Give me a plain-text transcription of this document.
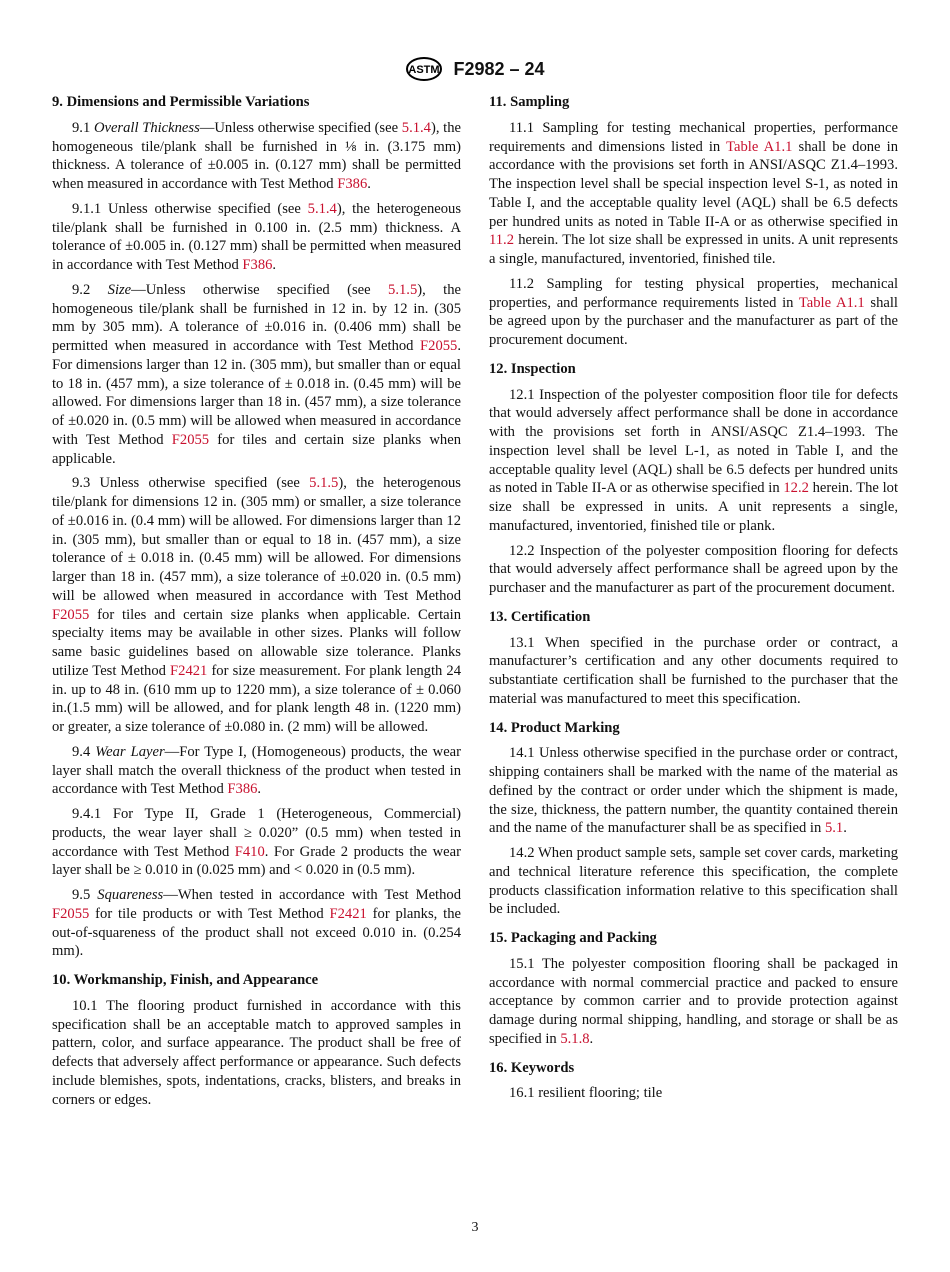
ASTM F2982 – 24
9. Dimensions and Permissible Variations

9.1 Overall Thickness—Unless otherwise specified (see 5.1.4), the homogeneous tile/plank shall be furnished in ⅛ in. (3.175 mm) thickness. A tolerance of ±0.005 in. (0.127 mm) shall be permitted when measured in accordance with Test Method F386.

9.1.1 Unless otherwise specified (see 5.1.4), the heterogeneous tile/plank shall be furnished in 0.100 in. (2.5 mm) thickness. A tolerance of ±0.005 in. (0.127 mm) shall be permitted when measured in accordance with Test Method F386.

9.2 Size—Unless otherwise specified (see 5.1.5), the homogeneous tile/plank shall be furnished in 12 in. by 12 in. (305 mm by 305 mm). A tolerance of ±0.016 in. (0.406 mm) shall be permitted when measured in accordance with Test Method F2055. For dimensions larger than 12 in. (305 mm), but smaller than or equal to 18 in. (457 mm), a size tolerance of ± 0.018 in. (0.45 mm) will be allowed. For dimensions larger than 18 in. (457 mm), a size tolerance of ±0.020 in. (0.5 mm) will be allowed when measured in accordance with Test Method F2055 for tiles and certain size planks when applicable.

9.3 Unless otherwise specified (see 5.1.5), the heterogenous tile/plank for dimensions 12 in. (305 mm) or smaller, a size tolerance of ±0.016 in. (0.4 mm) will be allowed. For dimensions larger than 12 in. (305 mm), but smaller than or equal to 18 in. (457 mm), a size tolerance of ± 0.018 in. (0.45 mm) will be allowed. For dimensions larger than 18 in. (457 mm), a size tolerance of ±0.020 in. (0.5 mm) will be allowed when measured in accordance with Test Method F2055 for tiles and certain size planks when applicable. Certain specialty items may be available in other sizes. Planks will follow same basic guidelines based on allowable size tolerance. Planks utilize Test Method F2421 for size measurement. For plank length 24 in. up to 48 in. (610 mm up to 1220 mm), a size tolerance of ± 0.060 in.(1.5 mm) will be allowed, and for plank length 48 in. (1220 mm) or greater, a size tolerance of ±0.080 in. (2 mm) will be allowed.

9.4 Wear Layer—For Type I, (Homogeneous) products, the wear layer shall match the overall thickness of the product when tested in accordance with Test Method F386.

9.4.1 For Type II, Grade 1 (Heterogeneous, Commercial) products, the wear layer shall ≥ 0.020” (0.5 mm) when tested in accordance with Test Method F410. For Grade 2 products the wear layer shall be ≥ 0.010 in (0.025 mm) and < 0.020 in (0.5 mm).

9.5 Squareness—When tested in accordance with Test Method F2055 for tile products or with Test Method F2421 for planks, the out-of-squareness of the product shall not exceed 0.010 in. (0.254 mm).

10. Workmanship, Finish, and Appearance

10.1 The flooring product furnished in accordance with this specification shall be an acceptable match to approved samples in pattern, color, and surface appearance. The product shall be free of defects that adversely affect performance or appearance. Such defects include blemishes, spots, indentations, cracks, blisters, and breaks in corners or edges.

11. Sampling

11.1 Sampling for testing mechanical properties, performance requirements and dimensions listed in Table A1.1 shall be done in accordance with the provisions set forth in ANSI/ASQC Z1.4–1993. The inspection level shall be special inspection level S-1, as noted in Table I, and the acceptable quality level (AQL) shall be 6.5 defects per hundred units as noted in Table II-A or as otherwise specified in 11.2 herein. The lot size shall be expressed in units. A unit represents a single, manufactured, inventoried, finished tile.

11.2 Sampling for testing physical properties, mechanical properties, and performance requirements listed in Table A1.1 shall be agreed upon by the purchaser and the manufacturer as part of the procurement document.

12. Inspection

12.1 Inspection of the polyester composition floor tile for defects that would adversely affect performance shall be done in accordance with the provisions set forth in ANSI/ASQC Z1.4–1993. The inspection level shall be level L-1, as noted in Table I, and the acceptable quality level (AQL) shall be 6.5 defects per hundred units as noted in Table II-A or as otherwise specified in 12.2 herein. The lot size shall be expressed in units. A unit represents a single, manufactured, inventoried, finished tile or plank.

12.2 Inspection of the polyester composition flooring for defects that would adversely affect performance shall be agreed upon by the purchaser and the manufacturer as part of the procurement document.

13. Certification

13.1 When specified in the purchase order or contract, a manufacturer’s certification and any other documents required to substantiate certification shall be furnished to the purchaser that the material was manufactured to meet this specification.

14. Product Marking

14.1 Unless otherwise specified in the purchase order or contract, shipping containers shall be marked with the name of the material as defined by the contract or order under which the shipment is made, the size, thickness, the pattern number, the quantity contained therein and the name of the manufacturer shall be as specified in 5.1.

14.2 When product sample sets, sample set cover cards, marketing and technical literature reference this specification, the complete products classification information relative to this specification shall be included.

15. Packaging and Packing

15.1 The polyester composition flooring shall be packaged in accordance with normal commercial practice and packed to ensure acceptance by common carrier and to provide protection against damage during normal shipping, handling, and storage or shall be as specified in 5.1.8.

16. Keywords

16.1 resilient flooring; tile

3
